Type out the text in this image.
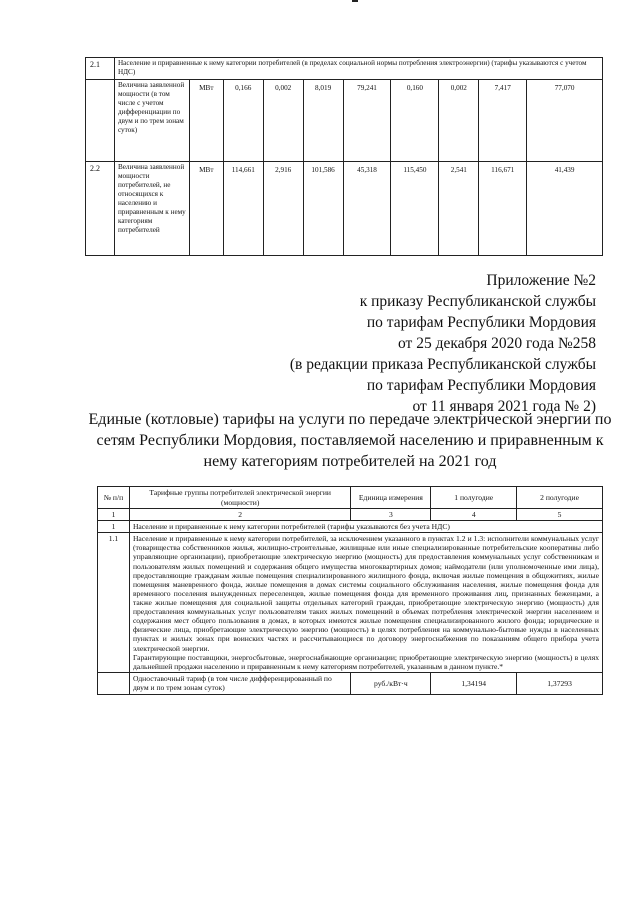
2.1	Население и приравненные к нему категории потребителей (в пределах социальной нормы потребления электроэнергии) (тарифы указываются с учетом НДС)									
	Величина заявленной мощности (в том числе с учетом дифференциации по двум и по трем зонам суток)	МВт	0,166	0,002	8,019	79,241	0,160	0,002	7,417	77,070
2.2	Величина заявленной мощности потребителей, не относящихся к населению и приравненным к нему категориям потребителей	МВт	114,661	2,916	101,586	45,318	115,450	2,541	116,671	41,439
Приложение №2
к приказу Республиканской службы
по тарифам Республики Мордовия
от 25 декабря 2020 года №258
(в редакции приказа Республиканской службы
по тарифам Республики Мордовия
от 11 января 2021 года № 2)
Единые (котловые) тарифы на услуги по передаче электрической энергии по
сетям Республики Мордовия, поставляемой населению и приравненным к
нему категориям потребителей на 2021 год
№ п/п	Тарифные группы потребителей электрической энергии (мощности)	Единица измерения	1 полугодие	2 полугодие
1	2	3	4	5
1	Население и приравненные к нему категории потребителей (тарифы указываются без учета НДС)			
1.1	Население и приравненные к нему категории потребителей, за исключением указанного в пунктах 1.2 и 1.3: исполнители коммунальных услуг (товарищества собственников жилья, жилищно-строительные, жилищные или иные специализированные потребительские кооперативы либо управляющие организации), приобретающие электрическую энергию (мощность) для предоставления коммунальных услуг собственникам и пользователям жилых помещений и содержания общего имущества многоквартирных домов; наймодатели (или уполномоченные ими лица), предоставляющие гражданам жилые помещения специализированного жилищного фонда, включая жилые помещения в общежитиях, жилые помещения маневренного фонда, жилые помещения в домах системы социального обслуживания населения, жилые помещения фонда для временного поселения вынужденных переселенцев, жилые помещения фонда для временного проживания лиц, признанных беженцами, а также жилые помещения для социальной защиты отдельных категорий граждан, приобретающие электрическую энергию (мощность) для предоставления коммунальных услуг пользователям таких жилых помещений в объемах потребления электрической энергии населением и содержания мест общего пользования в домах, в которых имеются жилые помещения специализированного жилого фонда; юридические и физические лица, приобретающие электрическую энергию (мощность) в целях потребления на коммунально-бытовые нужды в населенных пунктах и жилых зонах при воинских частях и рассчитывающиеся по договору энергоснабжения по показаниям общего прибора учета электрической энергии.
Гарантирующие поставщики, энергосбытовые, энергоснабжающие организации; приобретающие электрическую энергию (мощность) в целях дальнейшей продажи населению и приравненным к нему категориям потребителей, указанным в данном пункте.*			

	Одноставочный тариф (в том числе дифференцированный по двум и по трем зонам суток)	руб./кВт·ч	1,34194	1,37293
